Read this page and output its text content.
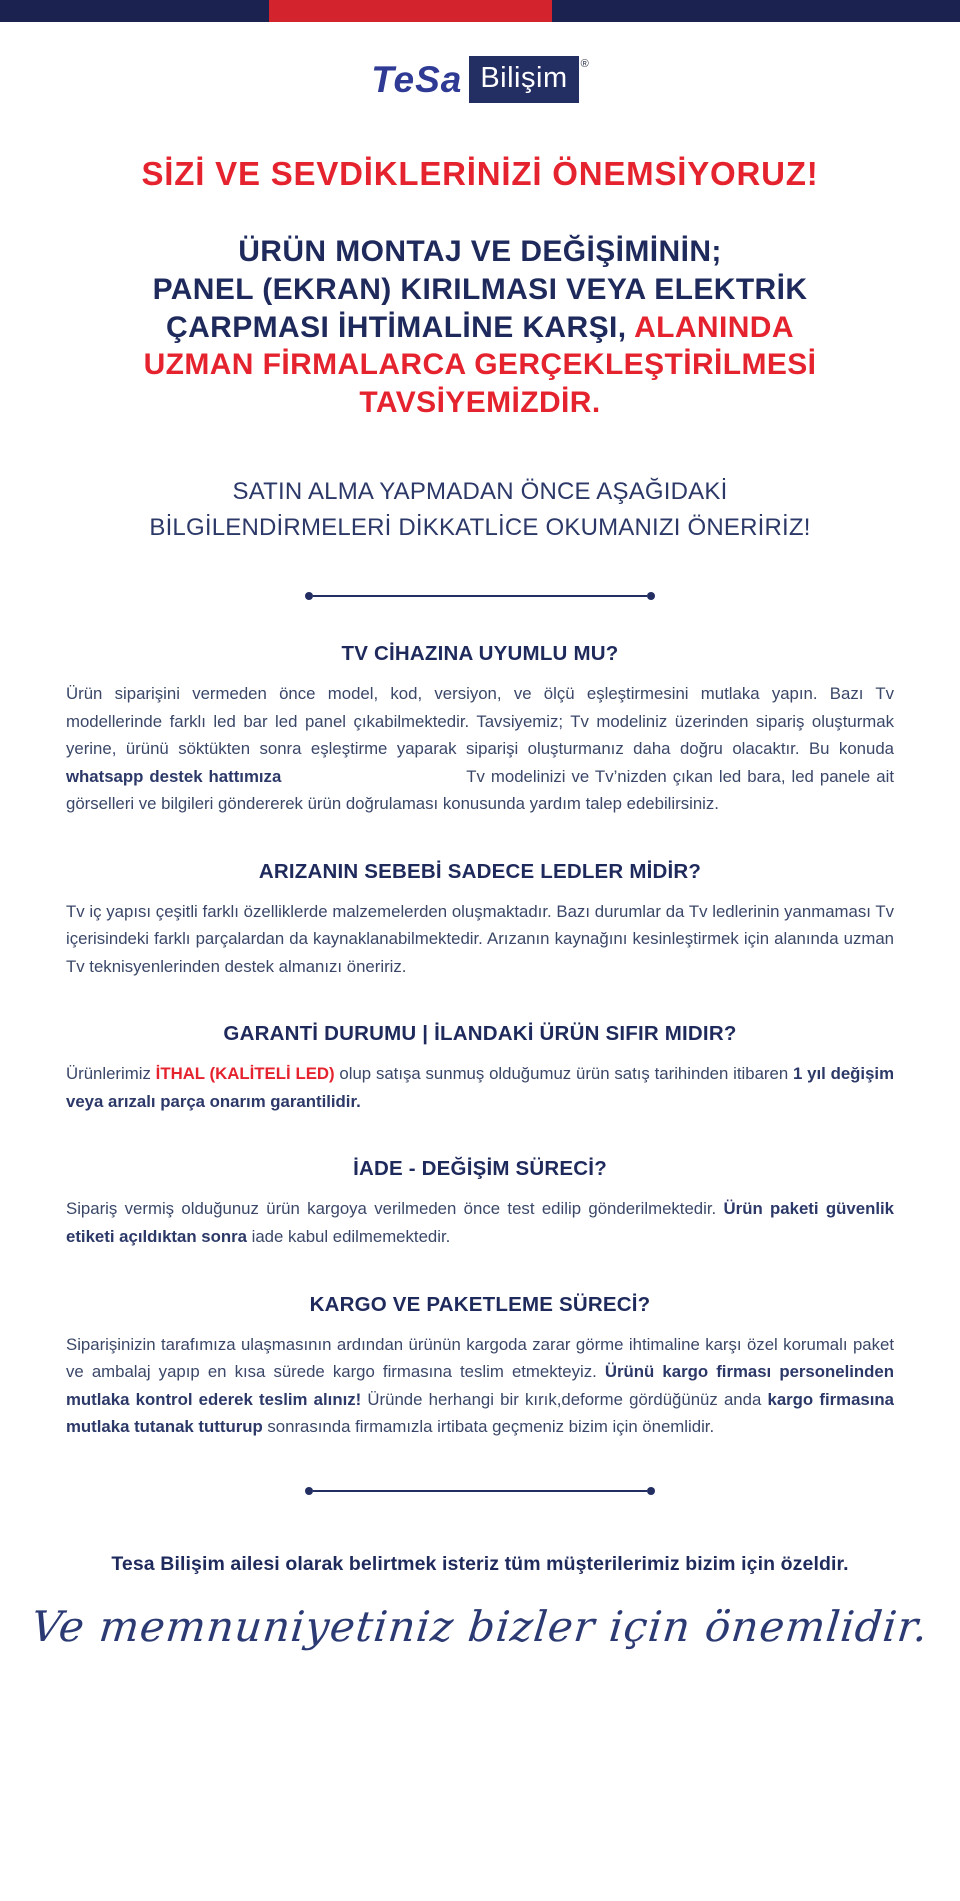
TeSa Bilişim	®
SİZİ VE SEVDİKLERİNİZİ ÖNEMSİYORUZ!
ÜRÜN MONTAJ VE DEĞİŞİMİNİN;
PANEL (EKRAN) KIRILMASI VEYA ELEKTRİK
ÇARPMASI İHTİMALİNE KARŞI, ALANINDA
UZMAN FİRMALARCA GERÇEKLEŞTİRİLMESİ
TAVSİYEMİZDİR.
SATIN ALMA YAPMADAN ÖNCE AŞAĞIDAKİ
BİLGİLENDİRMELERİ DİKKATLİCE OKUMANIZI ÖNERİRİZ!
TV CİHAZINA UYUMLU MU?

Ürün siparişini vermeden önce model, kod, versiyon, ve ölçü eşleştirmesini mutlaka yapın. Bazı Tv modellerinde farklı led bar led panel çıkabilmektedir. Tavsiyemiz; Tv modeliniz üzerinden sipariş oluşturmak yerine, ürünü söktükten sonra eşleştirme yaparak siparişi oluşturmanız daha doğru olacaktır. Bu konuda whatsapp destek hattımıza	Tv modelinizi ve Tv’nizden çıkan led bara, led panele ait görselleri ve bilgileri göndererek ürün doğrulaması konusunda yardım talep edebilirsiniz.

ARIZANIN SEBEBİ SADECE LEDLER MİDİR?

Tv iç yapısı çeşitli farklı özelliklerde malzemelerden oluşmaktadır. Bazı durumlar da Tv ledlerinin yanmaması Tv içerisindeki farklı parçalardan da kaynaklanabilmektedir. Arızanın kaynağını kesinleştirmek için alanında uzman Tv teknisyenlerinden destek almanızı öneririz.

GARANTİ DURUMU | İLANDAKİ ÜRÜN SIFIR MIDIR?

Ürünlerimiz İTHAL (KALİTELİ LED) olup satışa sunmuş olduğumuz ürün satış tarihinden itibaren 1 yıl değişim veya arızalı parça onarım garantilidir.

İADE - DEĞİŞİM SÜRECİ?

Sipariş vermiş olduğunuz ürün kargoya verilmeden önce test edilip gönderilmektedir. Ürün paketi güvenlik etiketi açıldıktan sonra iade kabul edilmemektedir.

KARGO VE PAKETLEME SÜRECİ?

Siparişinizin tarafımıza ulaşmasının ardından ürünün kargoda zarar görme ihtimaline karşı özel korumalı paket ve ambalaj yapıp en kısa sürede kargo firmasına teslim etmekteyiz. Ürünü kargo firması personelinden mutlaka kontrol ederek teslim alınız! Üründe herhangi bir kırık,deforme gördüğünüz anda kargo firmasına mutlaka tutanak tutturup sonrasında firmamızla irtibata geçmeniz bizim için önemlidir.

Tesa Bilişim ailesi olarak belirtmek isteriz tüm müşterilerimiz bizim için özeldir.

Ve memnuniyetiniz bizler için önemlidir.
